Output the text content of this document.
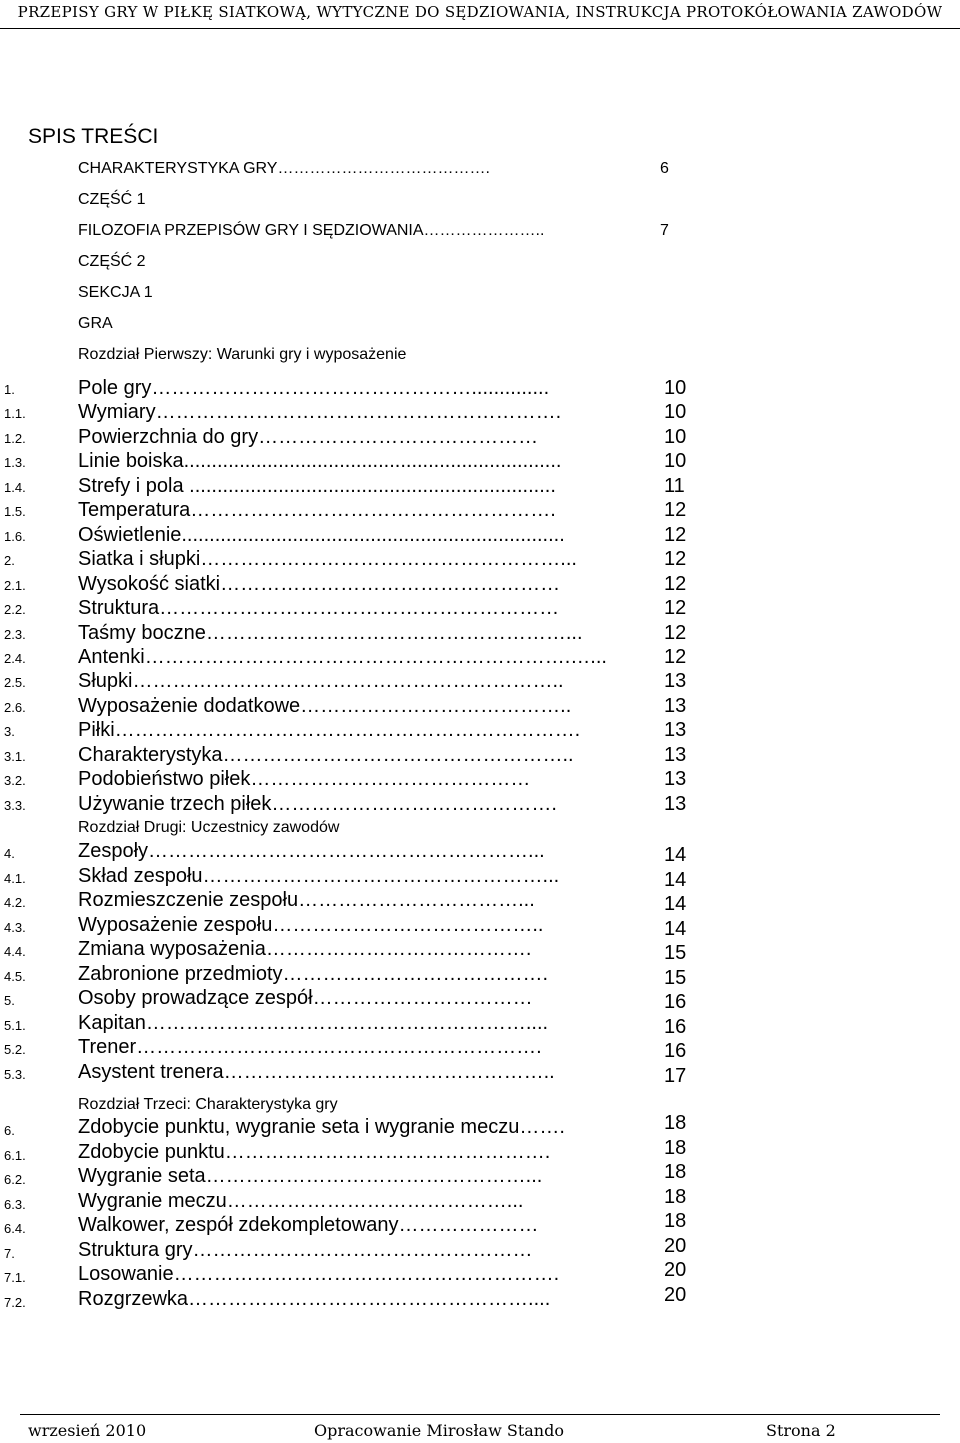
PRZEPISY GRY W PIŁKĘ SIATKOWĄ, WYTYCZNE DO SĘDZIOWANIA, INSTRUKCJA PROTOKÓŁOWANIA ZAWODÓW
SPIS TREŚCI
CHARAKTERYSTYKA GRY………………………………….	6
CZĘŚĆ 1
FILOZOFIA PRZEPISÓW GRY I SĘDZIOWANIA…………………..	7
CZĘŚĆ 2
SEKCJA 1
GRA
Rozdział Pierwszy: Warunki gry i wyposażenie
Rozdział Drugi: Uczestnicy zawodów
Rozdział Trzeci: Charakterystyka gry
1.	Pole gry…………………………………………..............	10
1.1.	Wymiary…………………………………………………….	10
1.2.	Powierzchnia do gry……………………………………	10
1.3.	Linie boiska....................................................................	10
1.4.	Strefy i pola ..................................................................	11
1.5.	Temperatura……………………………………………….	12
1.6.	Oświetlenie.....................................................................	12
2.	Siatka i słupki………………………………………………...	12
2.1.	Wysokość siatki……………………………………………	12
2.2.	Struktura……………………………………………………	12
2.3.	Taśmy boczne………………………………………………...	12
2.4.	Antenki……………………………………………………….…...	12
2.5.	Słupki………………………………………………………..	13
2.6.	Wyposażenie dodatkowe…………………………………..	13
3.	Piłki…………………………………………………………….	13
3.1.	Charakterystyka……………………………………………..	13
3.2.	Podobieństwo piłek……………………………………	13
3.3.	Używanie trzech piłek…………………………………….	13
4.	Zespoły…………………………………………………...	14
4.1.	Skład zespołu……………………………………………...	14
4.2.	Rozmieszczenie zespołu……………………………...	14
4.3.	Wyposażenie zespołu…………………………………..	14
4.4.	Zmiana wyposażenia………………………………….	15
4.5.	Zabronione przedmioty………………………………….	15
5.	Osoby prowadzące zespół……………………………	16
5.1.	Kapitan…………………………………………………....	16
5.2.	Trener…………………………………………………….	16
5.3.	Asystent trenera…………………………………………..	17
6.	Zdobycie punktu, wygranie seta i wygranie meczu…….	18
6.1.	Zdobycie punktu………………………………………….	18
6.2.	Wygranie seta…………………………………………...	18
6.3.	Wygranie meczu……………………………………...	18
6.4.	Walkower, zespół zdekompletowany…………………	18
7.	Struktura gry……………………………………………	20
7.1.	Losowanie………………………………………………….	20
7.2.	Rozgrzewka……………………………………………....	20
wrzesień 2010	Opracowanie Mirosław Stando	Strona 2
